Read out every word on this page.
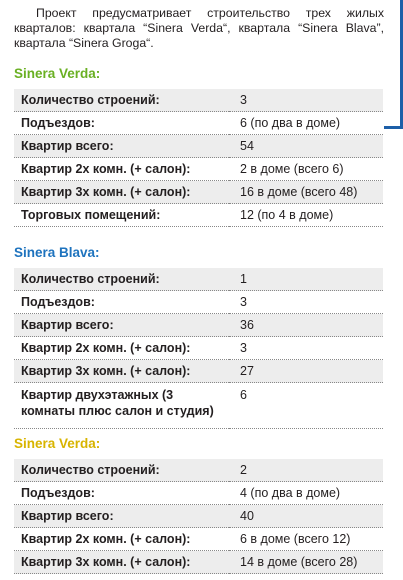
Проект предусматривает строительство трех жилых кварталов: квартала “Sinera Verda“, квартала “Sinera Blava”, квартала “Sinera Groga“.

Sinera Verda:
Количество строений:	3
Подъездов:	6 (по два в доме)
Квартир всего:	54
Квартир 2х комн. (+ салон):	2 в доме (всего 6)
Квартир 3х комн. (+ салон):	16 в доме (всего 48)
Торговых помещений:	12 (по 4 в доме)
Sinera Blava:
Количество строений:	1
Подъездов:	3
Квартир всего:	36
Квартир 2х комн. (+ салон):	3
Квартир 3х комн. (+ салон):	27
Квартир двухэтажных (3 комнаты плюс салон и студия)	6
Sinera Verda:
Количество строений:	2
Подъездов:	4 (по два в доме)
Квартир всего:	40
Квартир 2х комн. (+ салон):	6 в доме (всего 12)
Квартир 3х комн. (+ салон):	14 в доме (всего 28)
